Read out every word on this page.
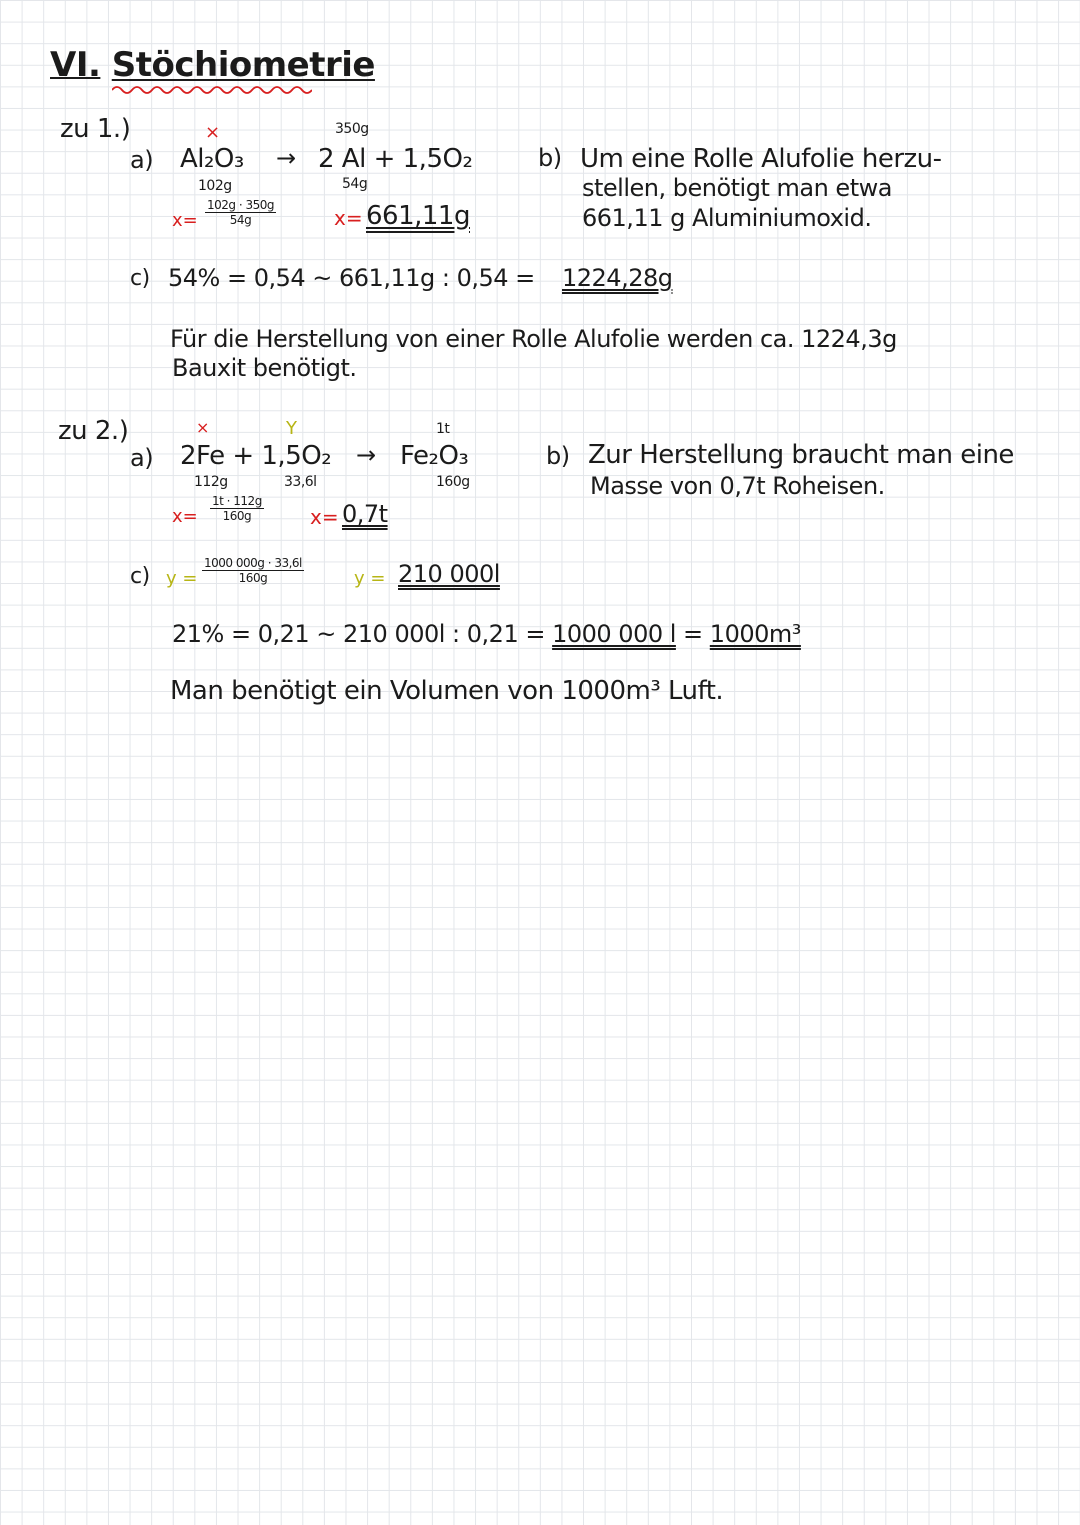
VI. Stöchiometrie
zu 1.)	×	350g
a) Al₂O₃ → 2 Al + 1,5O₂
102g	54g
$x= \frac{102g \cdot 350g}{54g}$	x= 661,11g
b) Um eine Rolle Alufolie herzu-
stellen, benötigt man etwa
661,11 g Aluminiumoxid.
c) 54% = 0,54 ~ 661,11g : 0,54 = 1224,28g
Für die Herstellung von einer Rolle Alufolie werden ca. 1224,3g
Bauxit benötigt.
zu 2.)	×	Y	1t
a) 2Fe + 1,5O₂ → Fe₂O₃
112g	33,6l	160g
$x= \frac{1t \cdot 112g}{160g} x= 0,7t$
b) Zur Herstellung braucht man eine
Masse von 0,7t Roheisen.
c) $y = \frac{1000 000g \cdot 33,6l}{160g}$	y = 210 000l
21% = 0,21 ~ 210 000l : 0,21 = 1000 000 l = 1000m³
Man benötigt ein Volumen von 1000m³ Luft.
